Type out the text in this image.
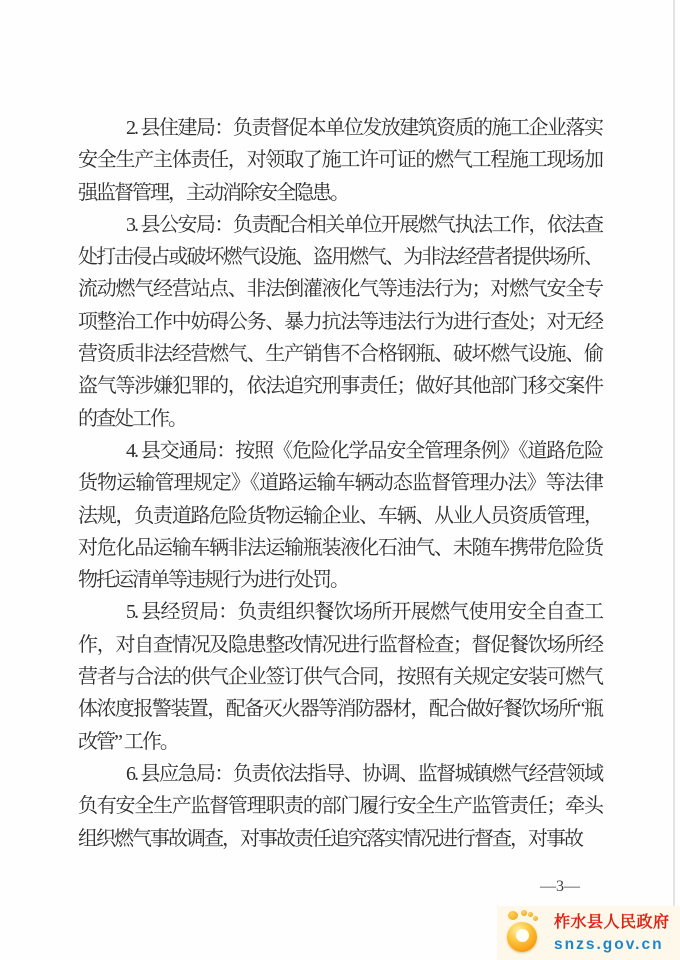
2. 县住建局：负责督促本单位发放建筑资质的施工企业落实
安全生产主体责任，对领取了施工许可证的燃气工程施工现场加
强监督管理，主动消除安全隐患。
3. 县公安局：负责配合相关单位开展燃气执法工作，依法查
处打击侵占或破坏燃气设施、盗用燃气、为非法经营者提供场所、
流动燃气经营站点、非法倒灌液化气等违法行为；对燃气安全专
项整治工作中妨碍公务、暴力抗法等违法行为进行查处；对无经
营资质非法经营燃气、生产销售不合格钢瓶、破坏燃气设施、偷
盗气等涉嫌犯罪的，依法追究刑事责任；做好其他部门移交案件
的查处工作。
4. 县交通局：按照《危险化学品安全管理条例》《道路危险
货物运输管理规定》《道路运输车辆动态监督管理办法》等法律
法规，负责道路危险货物运输企业、车辆、从业人员资质管理，
对危化品运输车辆非法运输瓶装液化石油气、未随车携带危险货
物托运清单等违规行为进行处罚。
5. 县经贸局：负责组织餐饮场所开展燃气使用安全自查工
作，对自查情况及隐患整改情况进行监督检查；督促餐饮场所经
营者与合法的供气企业签订供气合同，按照有关规定安装可燃气
体浓度报警装置，配备灭火器等消防器材，配合做好餐饮场所“瓶
改管” 工作。
6. 县应急局：负责依法指导、协调、监督城镇燃气经营领域
负有安全生产监督管理职责的部门履行安全生产监管责任；牵头
组织燃气事故调查，对事故责任追究落实情况进行督查，对事故
—3—
柞水县人民政府
snzs.gov.cn
